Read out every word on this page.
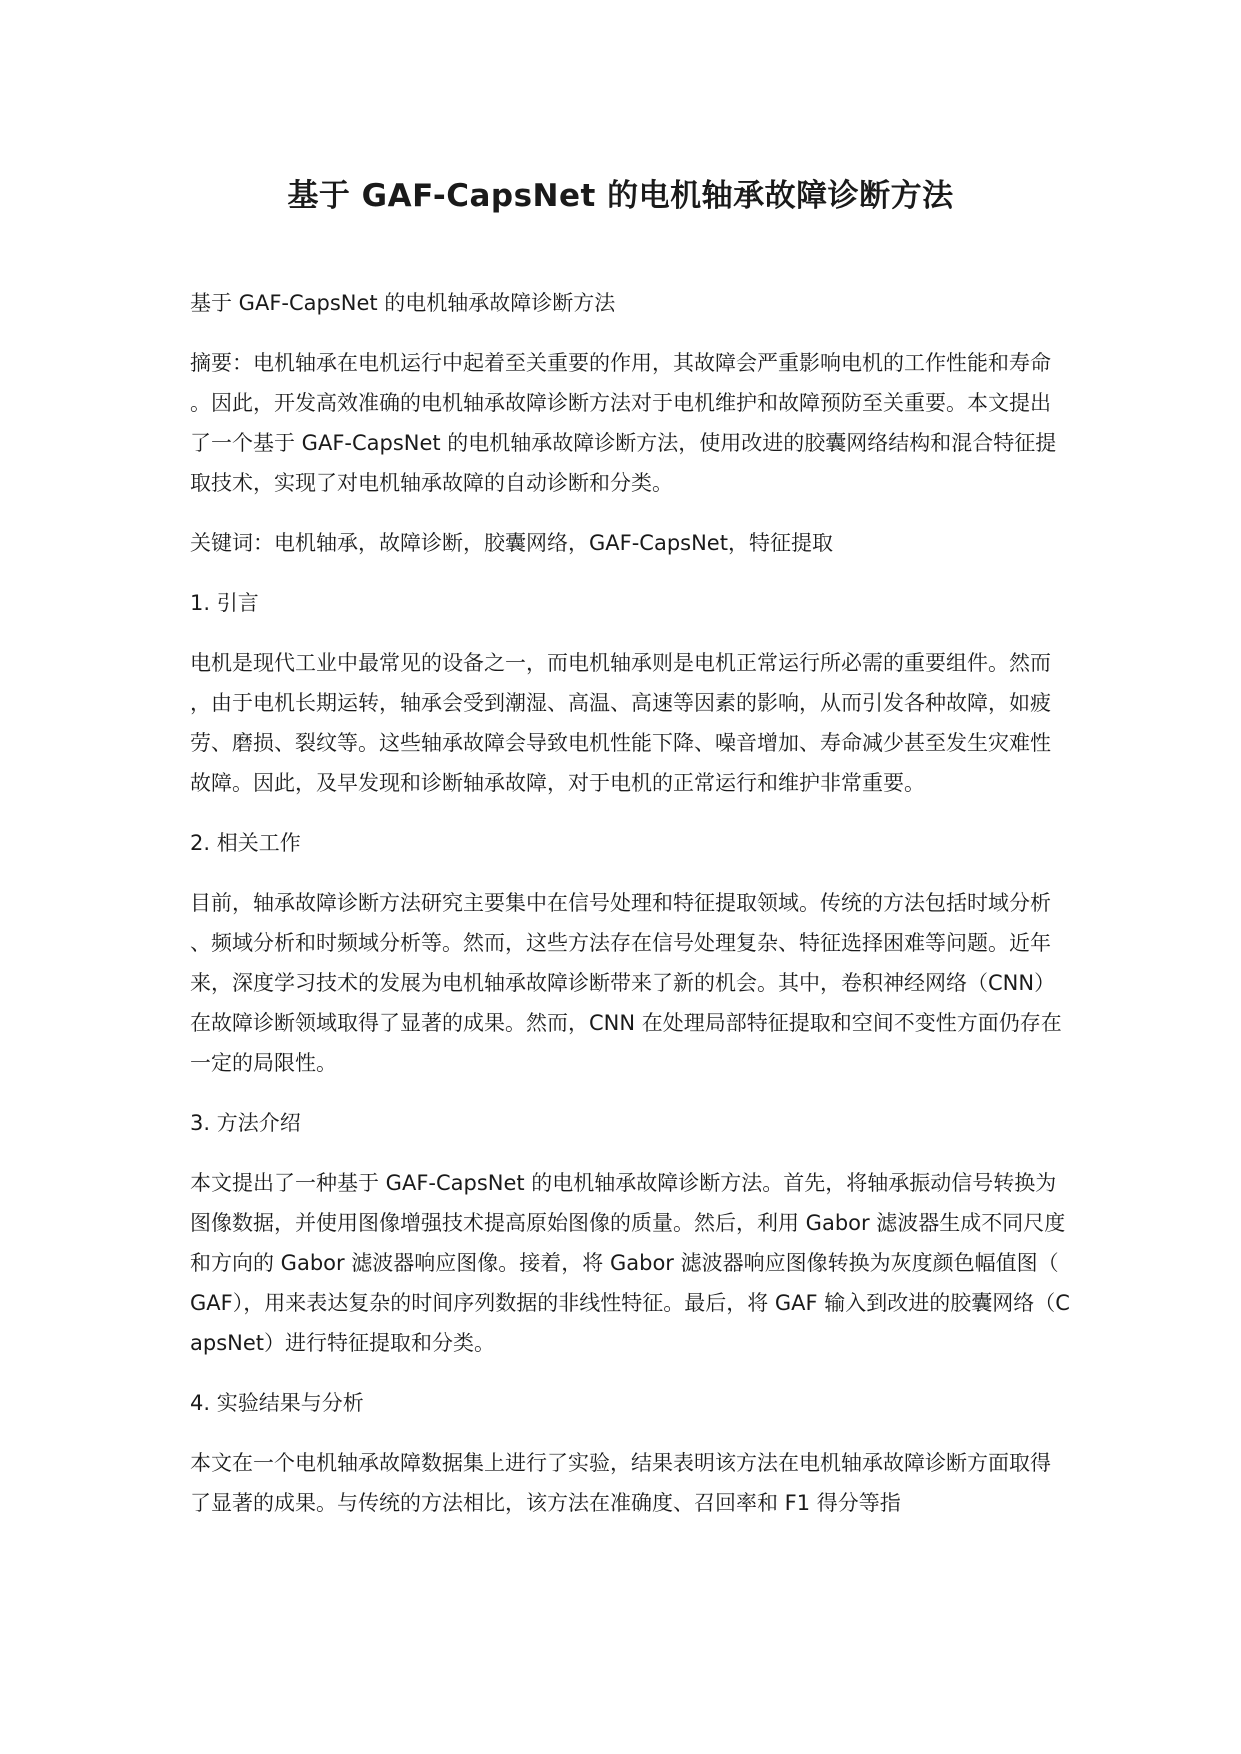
基于 GAF-CapsNet 的电机轴承故障诊断方法

基于 GAF-CapsNet 的电机轴承故障诊断方法

摘要：电机轴承在电机运行中起着至关重要的作用，其故障会严重影响电机的工作性能和寿命。因此，开发高效准确的电机轴承故障诊断方法对于电机维护和故障预防至关重要。本文提出了一个基于 GAF-CapsNet 的电机轴承故障诊断方法，使用改进的胶囊网络结构和混合特征提取技术，实现了对电机轴承故障的自动诊断和分类。

关键词：电机轴承，故障诊断，胶囊网络，GAF-CapsNet，特征提取

1. 引言

电机是现代工业中最常见的设备之一，而电机轴承则是电机正常运行所必需的重要组件。然而，由于电机长期运转，轴承会受到潮湿、高温、高速等因素的影响，从而引发各种故障，如疲劳、磨损、裂纹等。这些轴承故障会导致电机性能下降、噪音增加、寿命减少甚至发生灾难性故障。因此，及早发现和诊断轴承故障，对于电机的正常运行和维护非常重要。

2. 相关工作

目前，轴承故障诊断方法研究主要集中在信号处理和特征提取领域。传统的方法包括时域分析、频域分析和时频域分析等。然而，这些方法存在信号处理复杂、特征选择困难等问题。近年来，深度学习技术的发展为电机轴承故障诊断带来了新的机会。其中，卷积神经网络（CNN）在故障诊断领域取得了显著的成果。然而，CNN 在处理局部特征提取和空间不变性方面仍存在一定的局限性。

3. 方法介绍

本文提出了一种基于 GAF-CapsNet 的电机轴承故障诊断方法。首先，将轴承振动信号转换为图像数据，并使用图像增强技术提高原始图像的质量。然后，利用 Gabor 滤波器生成不同尺度和方向的 Gabor 滤波器响应图像。接着，将 Gabor 滤波器响应图像转换为灰度颜色幅值图（GAF），用来表达复杂的时间序列数据的非线性特征。最后，将 GAF 输入到改进的胶囊网络（CapsNet）进行特征提取和分类。

4. 实验结果与分析

本文在一个电机轴承故障数据集上进行了实验，结果表明该方法在电机轴承故障诊断方面取得了显著的成果。与传统的方法相比，该方法在准确度、召回率和 F1 得分等指
